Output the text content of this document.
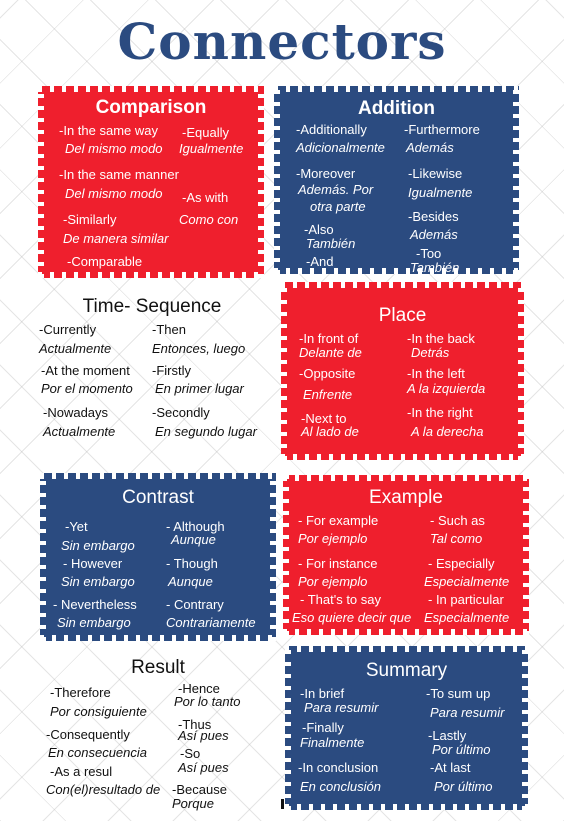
Connectors
Comparison
-In the same way
Del mismo modo
-Equally
Igualmente
-In the same manner
Del mismo modo -As with
Como con
-Similarly
De manera similar
-Comparable
Addition
-Additionally
Adicionalmente
-Furthermore
Además
-Moreover
Además. Por
otra parte
-Likewise
Igualmente
-Also
También
-Besides
Además
-And
-Too
También
Time- Sequence
-Currently
Actualmente
-Then
Entonces, luego
-At the moment
Por el momento
-Firstly
En primer lugar
-Nowadays
Actualmente
-Secondly
En segundo lugar
Place
-In front of
Delante de
-In the back
Detrás
-Opposite
Enfrente
-In the left
A la izquierda
-Next to
Al lado de
-In the right
A la derecha
Contrast
-Yet
Sin embargo
- Although
Aunque
- However
Sin embargo
- Though
Aunque
- Nevertheless
Sin embargo
- Contrary
Contrariamente
Example
- For example
Por ejemplo
- Such as
Tal como
- For instance
Por ejemplo
- Especially
Especialmente
- That's to say
Eso quiere decir que
- In particular
Especialmente
Result
-Therefore
Por consiguiente
-Hence
Por lo tanto
-Consequently
En consecuencia
-Thus
Así pues
-As a resul
Con(el)resultado de
-So
Así pues
-Because
Porque
Summary
-In brief
Para resumir
-To sum up
Para resumir
-Finally
Finalmente	-Lastly
Por último
-In conclusion
En conclusión
-At last
Por último
